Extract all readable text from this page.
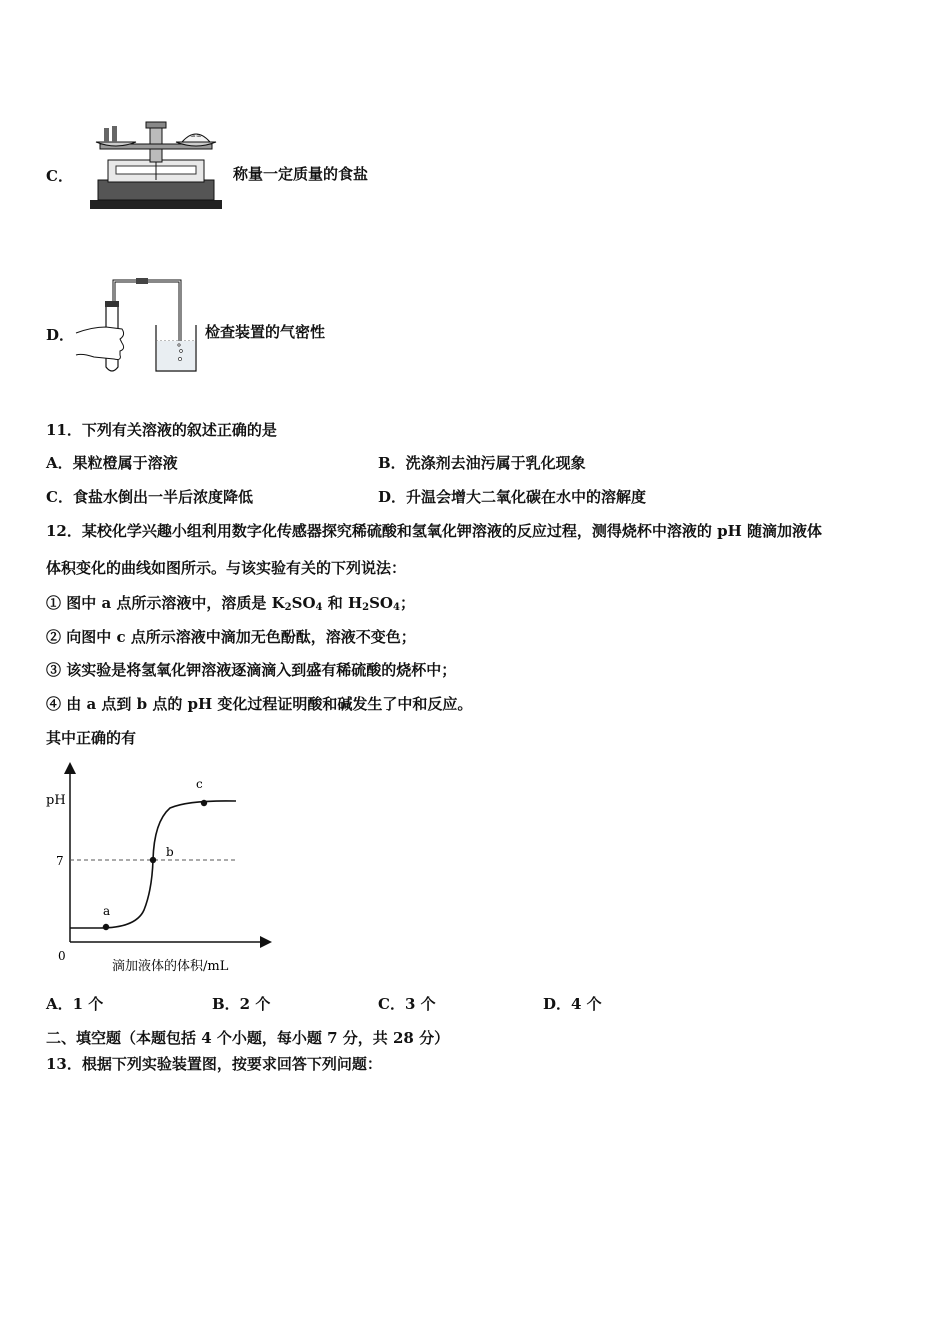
C．
≈≈
称量一定质量的食盐
D．	检查装置的气密性
11．下列有关溶液的叙述正确的是
A．果粒橙属于溶液	B．洗涤剂去油污属于乳化现象
C．食盐水倒出一半后浓度降低	D．升温会增大二氧化碳在水中的溶解度
12．某校化学兴趣小组利用数字化传感器探究稀硫酸和氢氧化钾溶液的反应过程，测得烧杯中溶液的 pH 随滴加液体
体积变化的曲线如图所示。与该实验有关的下列说法：
① 图中 a 点所示溶液中，溶质是 $K_2SO_4$ 和 $H_2SO_4$；
② 向图中 c 点所示溶液中滴加无色酚酞，溶液不变色；
③ 该实验是将氢氧化钾溶液逐滴滴入到盛有稀硫酸的烧杯中；
④ 由 a 点到 b 点的 pH 变化过程证明酸和碱发生了中和反应。
其中正确的有
pH
7
0
a
b
c
滴加液体的体积/mL
A．1 个	B．2 个	C．3 个	D．4 个
二、填空题（本题包括 4 个小题，每小题 7 分，共 28 分）
13．根据下列实验装置图，按要求回答下列问题：
